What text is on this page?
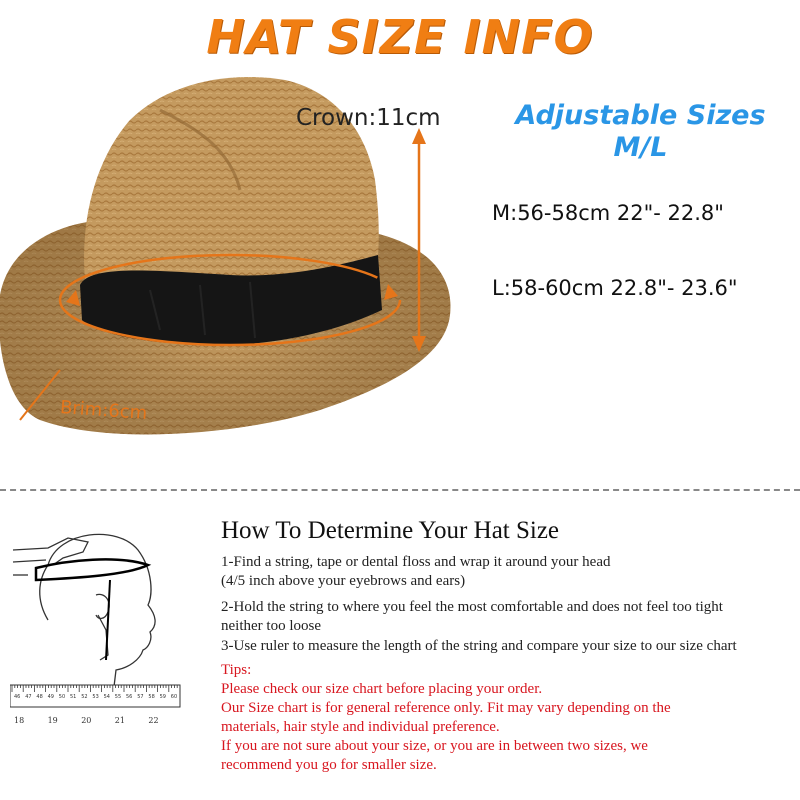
HAT SIZE INFO
Crown:11cm
Brim:6cm
Adjustable Sizes
M/L
M:56-58cm 22"- 22.8"
L:58-60cm 22.8"- 23.6"
46 47 48 49 50 51 52 53 54 55 56 57 58 59 60
18	19	20	21	22
How To Determine Your Hat Size
1-Find a string, tape or dental floss and wrap it around your head
(4/5 inch above your eyebrows and ears)
2-Hold the string to where you feel the most comfortable and does not feel too tight
neither too loose
3-Use ruler to measure the length of the string and compare your size to our size chart
Tips:
Please check our size chart before placing your order.
Our Size chart is for general reference only. Fit may vary depending on the
materials, hair style and individual preference.
If you are not sure about your size, or you are in between two sizes, we
recommend you go for smaller size.
